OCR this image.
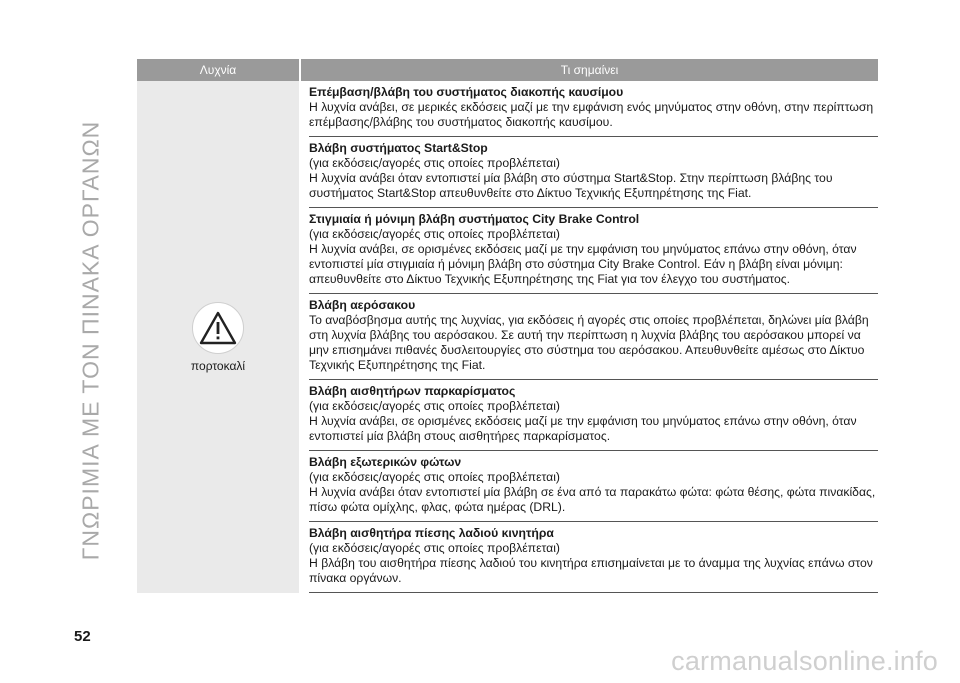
ΓΝΩΡΙΜΙΑ ΜΕ ΤΟΝ ΠΙΝΑΚΑ ΟΡΓΑΝΩΝ
Λυχνία	Τι σημαίνει
πορτοκαλί
Επέμβαση/βλάβη του συστήματος διακοπής καυσίμου
Η λυχνία ανάβει, σε μερικές εκδόσεις μαζί με την εμφάνιση ενός μηνύματος στην οθόνη, στην περίπτωση επέμβασης/βλάβης του συστήματος διακοπής καυσίμου.
Βλάβη συστήματος Start&Stop
(για εκδόσεις/αγορές στις οποίες προβλέπεται)
Η λυχνία ανάβει όταν εντοπιστεί μία βλάβη στο σύστημα Start&Stop. Στην περίπτωση βλάβης του συστήματος Start&Stop απευθυνθείτε στο Δίκτυο Τεχνικής Εξυπηρέτησης της Fiat.
Στιγμιαία ή μόνιμη βλάβη συστήματος City Brake Control
(για εκδόσεις/αγορές στις οποίες προβλέπεται)
Η λυχνία ανάβει, σε ορισμένες εκδόσεις μαζί με την εμφάνιση του μηνύματος επάνω στην οθόνη, όταν εντοπιστεί μία στιγμιαία ή μόνιμη βλάβη στο σύστημα City Brake Control. Εάν η βλάβη είναι μόνιμη: απευθυνθείτε στο Δίκτυο Τεχνικής Εξυπηρέτησης της Fiat για τον έλεγχο του συστήματος.
Βλάβη αερόσακου
Το αναβόσβησμα αυτής της λυχνίας, για εκδόσεις ή αγορές στις οποίες προβλέπεται, δηλώνει μία βλάβη στη λυχνία βλάβης του αερόσακου. Σε αυτή την περίπτωση η λυχνία βλάβης του αερόσακου μπορεί να μην επισημάνει πιθανές δυσλειτουργίες στο σύστημα του αερόσακου. Απευθυνθείτε αμέσως στο Δίκτυο Τεχνικής Εξυπηρέτησης της Fiat.
Βλάβη αισθητήρων παρκαρίσματος
(για εκδόσεις/αγορές στις οποίες προβλέπεται)
Η λυχνία ανάβει, σε ορισμένες εκδόσεις μαζί με την εμφάνιση του μηνύματος επάνω στην οθόνη, όταν εντοπιστεί μία βλάβη στους αισθητήρες παρκαρίσματος.
Βλάβη εξωτερικών φώτων
(για εκδόσεις/αγορές στις οποίες προβλέπεται)
Η λυχνία ανάβει όταν εντοπιστεί μία βλάβη σε ένα από τα παρακάτω φώτα: φώτα θέσης, φώτα πινακίδας, πίσω φώτα ομίχλης, φλας, φώτα ημέρας (DRL).
Βλάβη αισθητήρα πίεσης λαδιού κινητήρα
(για εκδόσεις/αγορές στις οποίες προβλέπεται)
Η βλάβη του αισθητήρα πίεσης λαδιού του κινητήρα επισημαίνεται με το άναμμα της λυχνίας επάνω στον πίνακα οργάνων.
52
carmanualsonline.info
